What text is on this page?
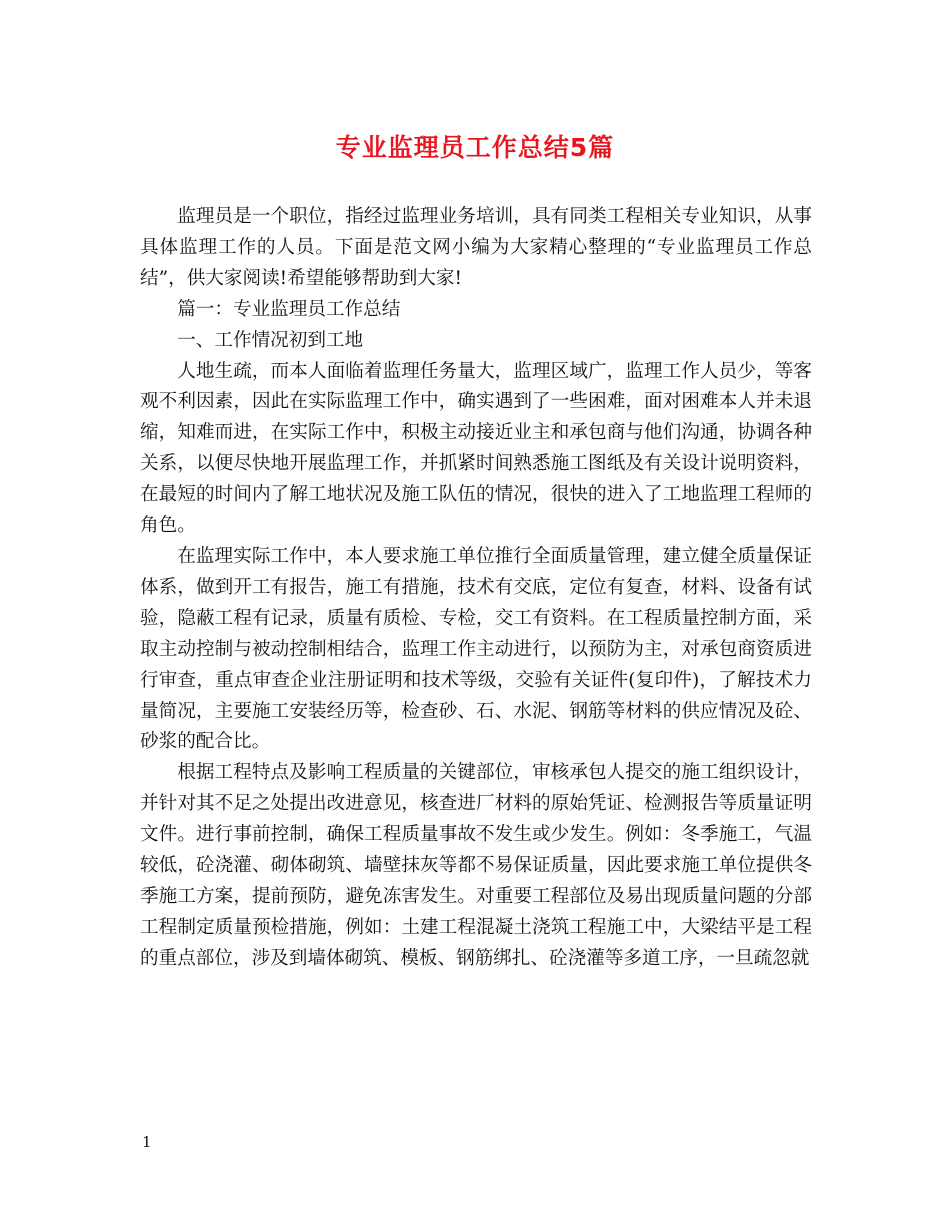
专业监理员工作总结5篇

监理员是一个职位，指经过监理业务培训，具有同类工程相关专业知识，从事具体监理工作的人员。下面是范文网小编为大家精心整理的“专业监理员工作总结”，供大家阅读!希望能够帮助到大家!

篇一：专业监理员工作总结

一、工作情况初到工地

人地生疏，而本人面临着监理任务量大，监理区域广，监理工作人员少，等客观不利因素，因此在实际监理工作中，确实遇到了一些困难，面对困难本人并未退缩，知难而进，在实际工作中，积极主动接近业主和承包商与他们沟通，协调各种关系，以便尽快地开展监理工作，并抓紧时间熟悉施工图纸及有关设计说明资料，在最短的时间内了解工地状况及施工队伍的情况，很快的进入了工地监理工程师的角色。

在监理实际工作中，本人要求施工单位推行全面质量管理，建立健全质量保证体系，做到开工有报告，施工有措施，技术有交底，定位有复查，材料、设备有试验，隐蔽工程有记录，质量有质检、专检，交工有资料。在工程质量控制方面，采取主动控制与被动控制相结合，监理工作主动进行，以预防为主，对承包商资质进行审查，重点审查企业注册证明和技术等级，交验有关证件(复印件)，了解技术力量简况，主要施工安装经历等，检查砂、石、水泥、钢筋等材料的供应情况及砼、砂浆的配合比。

根据工程特点及影响工程质量的关键部位，审核承包人提交的施工组织设计，并针对其不足之处提出改进意见，核查进厂材料的原始凭证、检测报告等质量证明文件。进行事前控制，确保工程质量事故不发生或少发生。例如：冬季施工，气温较低，砼浇灌、砌体砌筑、墙壁抹灰等都不易保证质量，因此要求施工单位提供冬季施工方案，提前预防，避免冻害发生。对重要工程部位及易出现质量问题的分部工程制定质量预检措施，例如：土建工程混凝土浇筑工程施工中，大梁结平是工程的重点部位，涉及到墙体砌筑、模板、钢筋绑扎、砼浇灌等多道工序，一旦疏忽就

1
